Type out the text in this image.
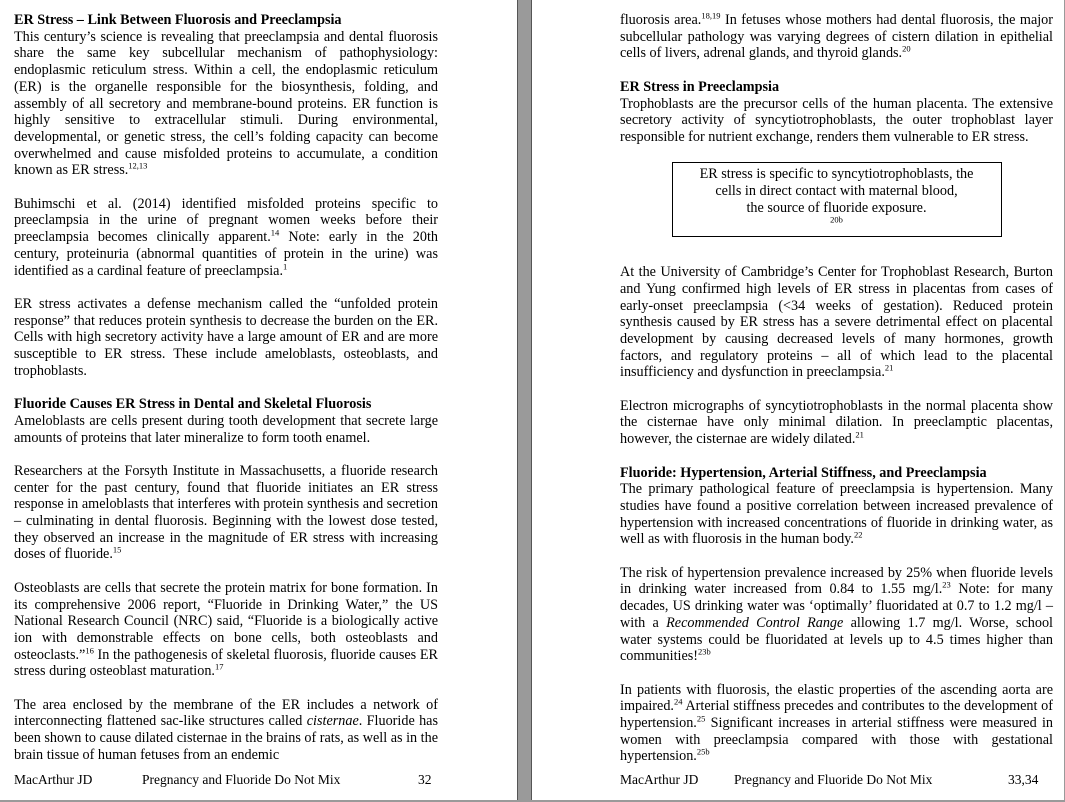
ER Stress – Link Between Fluorosis and Preeclampsia

This century’s science is revealing that preeclampsia and dental fluorosis share the same key subcellular mechanism of pathophysiology: endoplasmic reticulum stress. Within a cell, the endoplasmic reticulum (ER) is the organelle responsible for the biosynthesis, folding, and assembly of all secretory and membrane-bound proteins. ER function is highly sensitive to extracellular stimuli. During environmental, developmental, or genetic stress, the cell’s folding capacity can become overwhelmed and cause misfolded proteins to accumulate, a condition known as ER stress.$^{12,13}$

Buhimschi et al. (2014) identified misfolded proteins specific to preeclampsia in the urine of pregnant women weeks before their preeclampsia becomes clinically apparent.$^{14}$ Note: early in the 20th century, proteinuria (abnormal quantities of protein in the urine) was identified as a cardinal feature of preeclampsia.$^1$

ER stress activates a defense mechanism called the “unfolded protein response” that reduces protein synthesis to decrease the burden on the ER. Cells with high secretory activity have a large amount of ER and are more susceptible to ER stress. These include ameloblasts, osteoblasts, and trophoblasts.

Fluoride Causes ER Stress in Dental and Skeletal Fluorosis

Ameloblasts are cells present during tooth development that secrete large amounts of proteins that later mineralize to form tooth enamel.

Researchers at the Forsyth Institute in Massachusetts, a fluoride research center for the past century, found that fluoride initiates an ER stress response in ameloblasts that interferes with protein synthesis and secretion – culminating in dental fluorosis. Beginning with the lowest dose tested, they observed an increase in the magnitude of ER stress with increasing doses of fluoride.$^{15}$

Osteoblasts are cells that secrete the protein matrix for bone formation. In its comprehensive 2006 report, “Fluoride in Drinking Water,” the US National Research Council (NRC) said, “Fluoride is a biologically active ion with demonstrable effects on bone cells, both osteoblasts and osteoclasts.”$^{16}$ In the pathogenesis of skeletal fluorosis, fluoride causes ER stress during osteoblast maturation.$^{17}$

The area enclosed by the membrane of the ER includes a network of interconnecting flattened sac-like structures called cisternae. Fluoride has been shown to cause dilated cisternae in the brains of rats, as well as in the brain tissue of human fetuses from an endemic

MacArthur JD	Pregnancy and Fluoride Do Not Mix	32

fluorosis area.$^{18,19}$ In fetuses whose mothers had dental fluorosis, the major subcellular pathology was varying degrees of cistern dilation in epithelial cells of livers, adrenal glands, and thyroid glands.$^{20}$

ER Stress in Preeclampsia

Trophoblasts are the precursor cells of the human placenta. The extensive secretory activity of syncytiotrophoblasts, the outer trophoblast layer responsible for nutrient exchange, renders them vulnerable to ER stress.

ER stress is specific to syncytiotrophoblasts, the
cells in direct contact with maternal blood,
the source of fluoride exposure.
$^{20b}$

At the University of Cambridge’s Center for Trophoblast Research, Burton and Yung confirmed high levels of ER stress in placentas from cases of early-onset preeclampsia (<34 weeks of gestation). Reduced protein synthesis caused by ER stress has a severe detrimental effect on placental development by causing decreased levels of many hormones, growth factors, and regulatory proteins – all of which lead to the placental insufficiency and dysfunction in preeclampsia.$^{21}$

Electron micrographs of syncytiotrophoblasts in the normal placenta show the cisternae have only minimal dilation. In preeclamptic placentas, however, the cisternae are widely dilated.$^{21}$

Fluoride: Hypertension, Arterial Stiffness, and Preeclampsia

The primary pathological feature of preeclampsia is hypertension. Many studies have found a positive correlation between increased prevalence of hypertension with increased concentrations of fluoride in drinking water, as well as with fluorosis in the human body.$^{22}$

The risk of hypertension prevalence increased by 25% when fluoride levels in drinking water increased from 0.84 to 1.55 mg/l.$^{23}$ Note: for many decades, US drinking water was ‘optimally’ fluoridated at 0.7 to 1.2 mg/l – with a Recommended Control Range allowing 1.7 mg/l. Worse, school water systems could be fluoridated at levels up to 4.5 times higher than communities!$^{23b}$

In patients with fluorosis, the elastic properties of the ascending aorta are impaired.$^{24}$ Arterial stiffness precedes and contributes to the development of hypertension.$^{25}$ Significant increases in arterial stiffness were measured in women with preeclampsia compared with those with gestational hypertension.$^{25b}$

MacArthur JD	Pregnancy and Fluoride Do Not Mix	33,34
